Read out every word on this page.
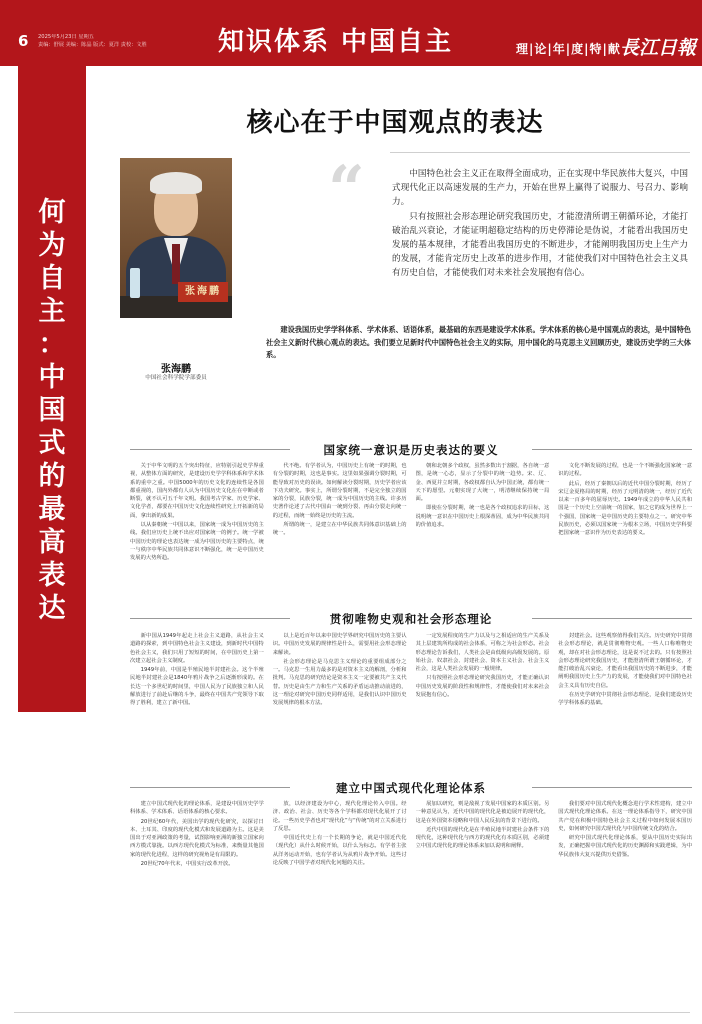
6 2025年5月23日 星期五
责编：舒展 美编：陈晶 版式：夏洋 责校：文胜	知识体系 中国自主	理|论|年|度|特|献 長江日報
何
为
自
主
：
中
国
式
的
最
高
表
达
核心在于中国观点的表达
张海鹏
张海鹏
中国社会科学院学部委员
“	中国特色社会主义正在取得全面成功，正在实现中华民族伟大复兴，中国式现代化正以高速发展的生产力，开始在世界上赢得了说服力、号召力、影响力。

只有按照社会形态理论研究我国历史，才能澄清所谓王朝循环论，才能打破治乱兴衰论，才能证明超稳定结构的历史停滞论是伪说，才能看出我国历史发展的基本规律，才能看出我国历史的不断进步，才能阐明我国历史上生产力的发展，才能肯定历史上改革的进步作用，才能使我们对中国特色社会主义具有历史自信，才能使我们对未来社会发展抱有信心。

建设我国历史学学科体系、学术体系、话语体系，最基础的东西是建设学术体系。学术体系的核心是中国观点的表达，是中国特色社会主义新时代核心观点的表达。我们要立足新时代中国特色社会主义的实际，用中国化的马克思主义回顾历史，建设历史学的三大体系。
国家统一意识是历史表达的要义

关于中华文明的五个突出特征，应特别引起史学界重视，从整体方面的研究，是建设历史学学科体系和学术体系的重中之重。中国5000年的历史文化的连续性是各国都重视的，国内外都有人认为中国历史文化在在中断或者断裂，就不认可五千年文明。我国考古学家、历史学家、文化学者，都要在中国历史文化连续性研究上开拓新的局面，拿出新的成果。

以从秦朝统一中国以来，国家统一成为中国历史的主线。我们应历史上统不出应对国家统一的例子。统一学被中国历史的理论也表达统一成为中国历史的主要特点，统一与秩序中华民族共同体意识不断强化，统一是中国历史发展的大势所趋。

代不绝。有学者认为，中国历史上有统一的时期，也有分裂的时期，这也是事实。这里如果强调分裂时期，可能导致对历史的误读。如何解读分裂时期，历史学者应该下功夫研究。事实上，所谓分裂时期，不是完全独立的国家的分裂，民族分裂，统一成为中国历史的主线。许多历史著作论述了古代中国由一统到分裂、再由分裂走向统一的过程，而统一始终是历史的主流。

所谓的统一，是建立在中华民族共同体意识基础上的统一。

朝和北朝多个政权，虽然多数出于割据，各自统一意图，是统一心态，显示了分裂中的统一趋势。宋、辽、金、西夏并立时期，各政权都自认为中国正统，都有统一天下的愿望。元朝实现了大统一，明清继续保持统一局面。

即使在分裂时期，统一也是各个政权追求的目标，这说明统一意识在中国历史上根深蒂固，成为中华民族共同的价值追求。

文化不断发展的过程，也是一个不断强化国家统一意识的过程。

此后，经历了秦朝以后的近代中国分裂时期，经历了宋辽金夏格局的时期，经历了元明清的统一，经历了近代以来一百多年的屈辱历史。1949年成立的中华人民共和国是一个历史上空前统一的国家，加之它的成为世界上一个强国，国家统一是中国历史的主要特点之一。研究中华民族历史，必须以国家统一为根本立场，中国历史学科要把国家统一意识作为历史表达的要义。

贯彻唯物史观和社会形态理论

新中国从1949年起走上社会主义道路，从社会主义道路的探索，到中国特色社会主义建设，到新时代中国特色社会主义，我们只用了短短的时间，在中国历史上第一次建立起社会主义制度。

1949年前，中国是半殖民地半封建社会。这个半殖民地半封建社会是1840年鸦片战争之后逐渐形成的。在长达一个多世纪的时间里，中国人民为了民族独立和人民解放进行了前赴后继的斗争，最终在中国共产党领导下取得了胜利，建立了新中国。

以上是近百年以来中国史学界研究中国历史的主要认识。中国历史发展的规律性是什么，需要用社会形态理论来解读。

社会形态理论是马克思主义理论的重要组成部分之一。马克思一生用力最多的是对资本主义的解剖，分析和批判。马克思的研究结论是资本主义一定要被共产主义代替。历史是由生产力和生产关系的矛盾运动推动前进的，这一理论对研究中国历史同样适用，是我们认识中国历史发展规律的根本方法。

一定发展程度的生产力以及与之相适应的生产关系及其上层建筑所构成的社会体系，可称之为社会形态。社会形态理论告诉我们，人类社会是由低级向高级发展的。原始社会、奴隶社会、封建社会、资本主义社会、社会主义社会，这是人类社会发展的一般规律。

只有按照社会形态理论研究我国历史，才能正确认识中国历史发展的阶段性和规律性，才能使我们对未来社会发展抱有信心。

封建社会。这些观察值得我们关注。历史研究中贯彻社会形态理论，就是贯彻唯物史观。一些人口称唯物史观，却在对社会形态理论，这是说不过去的。只有按照社会形态理论研究我国历史，才能澄清所谓王朝循环论，才能打破治乱兴衰论，才能看出我国历史的不断进步，才能阐明我国历史上生产力的发展，才能使我们对中国特色社会主义具有历史自信。

在历史学研究中贯彻社会形态理论，是我们建设历史学学科体系的基础。

建立中国式现代化理论体系

建立中国式现代化的理论体系，是建设中国历史学学科体系、学术体系、话语体系的核心要求。

20世纪60年代，美国出学的现代化研究，以探讨日本、土耳其、印度的现代化模式和发展道路为主。这是美国出于对亚洲政策的考量，试图影响亚洲的新独立国家向西方模式靠拢。以西方现代化模式为标准，来衡量其他国家的现代化进程，这样的研究视角是有局限的。

20世纪70年代末，中国实行改革开放。

放，以经济建设为中心，现代化理论传入中国。经济、政治、社会、历史等各个学科都对现代化展开了讨论。一些历史学者也对“现代化”与“传统”的对立关系进行了反思。

中国近代史上有一个长期的争论，就是中国近代化（现代化）从什么时候开始，以什么为标志。有学者主张从洋务运动开始，也有学者认为从鸦片战争开始。这些讨论反映了中国学者对现代化问题的关注。

展加以研究，则是敌视了发展中国家的本质区别。另一种意见认为，近代中国的现代化是被迫展开的现代化，这是在外国资本侵略和中国人民反抗的背景下进行的。

近代中国的现代化是在半殖民地半封建社会条件下的现代化，这种现代化与西方的现代化有本质区别，必须建立中国式现代化的理论体系来加以说明和阐释。

我们要对中国式现代化概念进行学术性建构，建立中国式现代化理论体系。在这一理论体系指导下，研究中国共产党在积极中国特色社会主义过程中如何发展本国历史，如何研究中国式现代化与中国传统文化的结合。

研究中国式现代化理论体系，要从中国历史实际出发，正确把握中国式现代化的历史渊源和实践逻辑，为中华民族伟大复兴提供历史借鉴。
